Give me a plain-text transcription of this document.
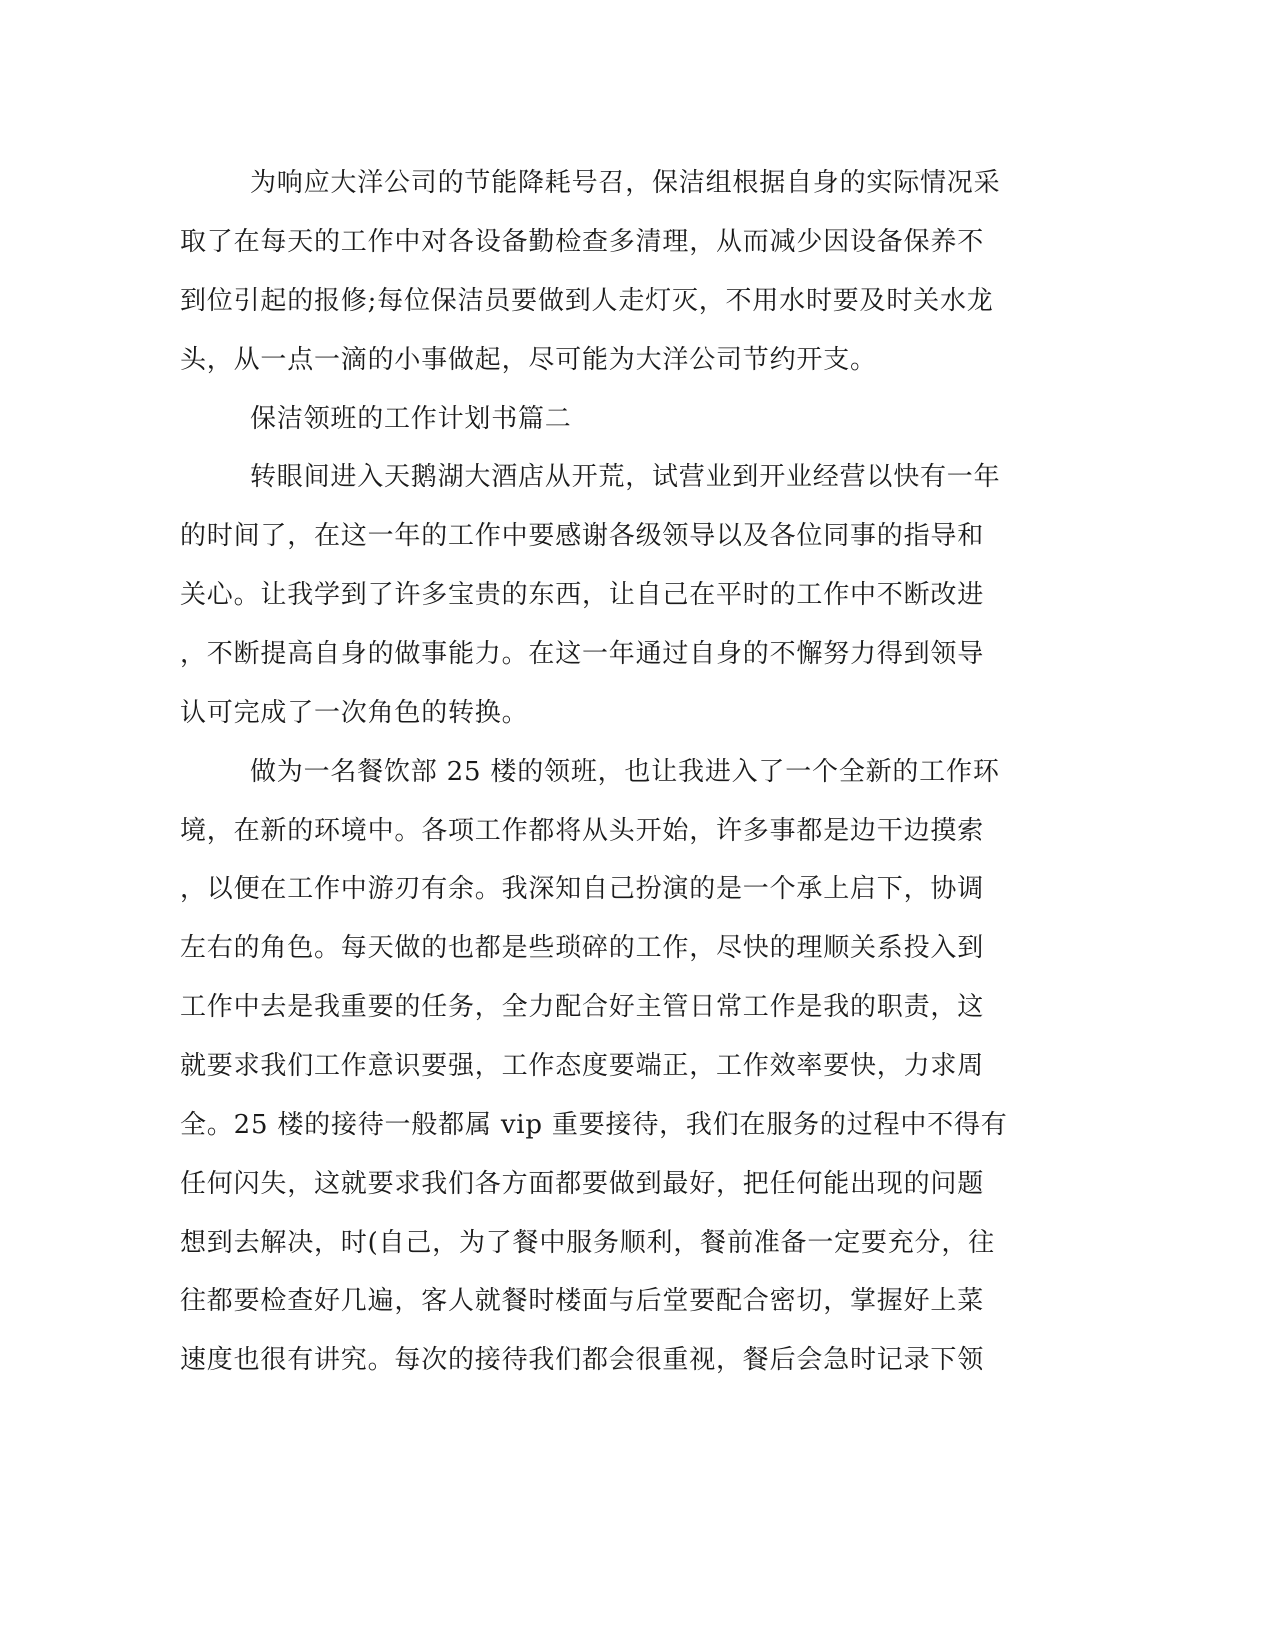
为响应大洋公司的节能降耗号召，保洁组根据自身的实际情况采

取了在每天的工作中对各设备勤检查多清理，从而减少因设备保养不

到位引起的报修;每位保洁员要做到人走灯灭，不用水时要及时关水龙

头，从一点一滴的小事做起，尽可能为大洋公司节约开支。

保洁领班的工作计划书篇二

转眼间进入天鹅湖大酒店从开荒，试营业到开业经营以快有一年

的时间了，在这一年的工作中要感谢各级领导以及各位同事的指导和

关心。让我学到了许多宝贵的东西，让自己在平时的工作中不断改进

，不断提高自身的做事能力。在这一年通过自身的不懈努力得到领导

认可完成了一次角色的转换。

做为一名餐饮部 25 楼的领班，也让我进入了一个全新的工作环

境，在新的环境中。各项工作都将从头开始，许多事都是边干边摸索

，以便在工作中游刃有余。我深知自己扮演的是一个承上启下，协调

左右的角色。每天做的也都是些琐碎的工作，尽快的理顺关系投入到

工作中去是我重要的任务，全力配合好主管日常工作是我的职责，这

就要求我们工作意识要强，工作态度要端正，工作效率要快，力求周

全。25 楼的接待一般都属 vip 重要接待，我们在服务的过程中不得有

任何闪失，这就要求我们各方面都要做到最好，把任何能出现的问题

想到去解决，时(自己，为了餐中服务顺利，餐前准备一定要充分，往

往都要检查好几遍，客人就餐时楼面与后堂要配合密切，掌握好上菜

速度也很有讲究。每次的接待我们都会很重视，餐后会急时记录下领
